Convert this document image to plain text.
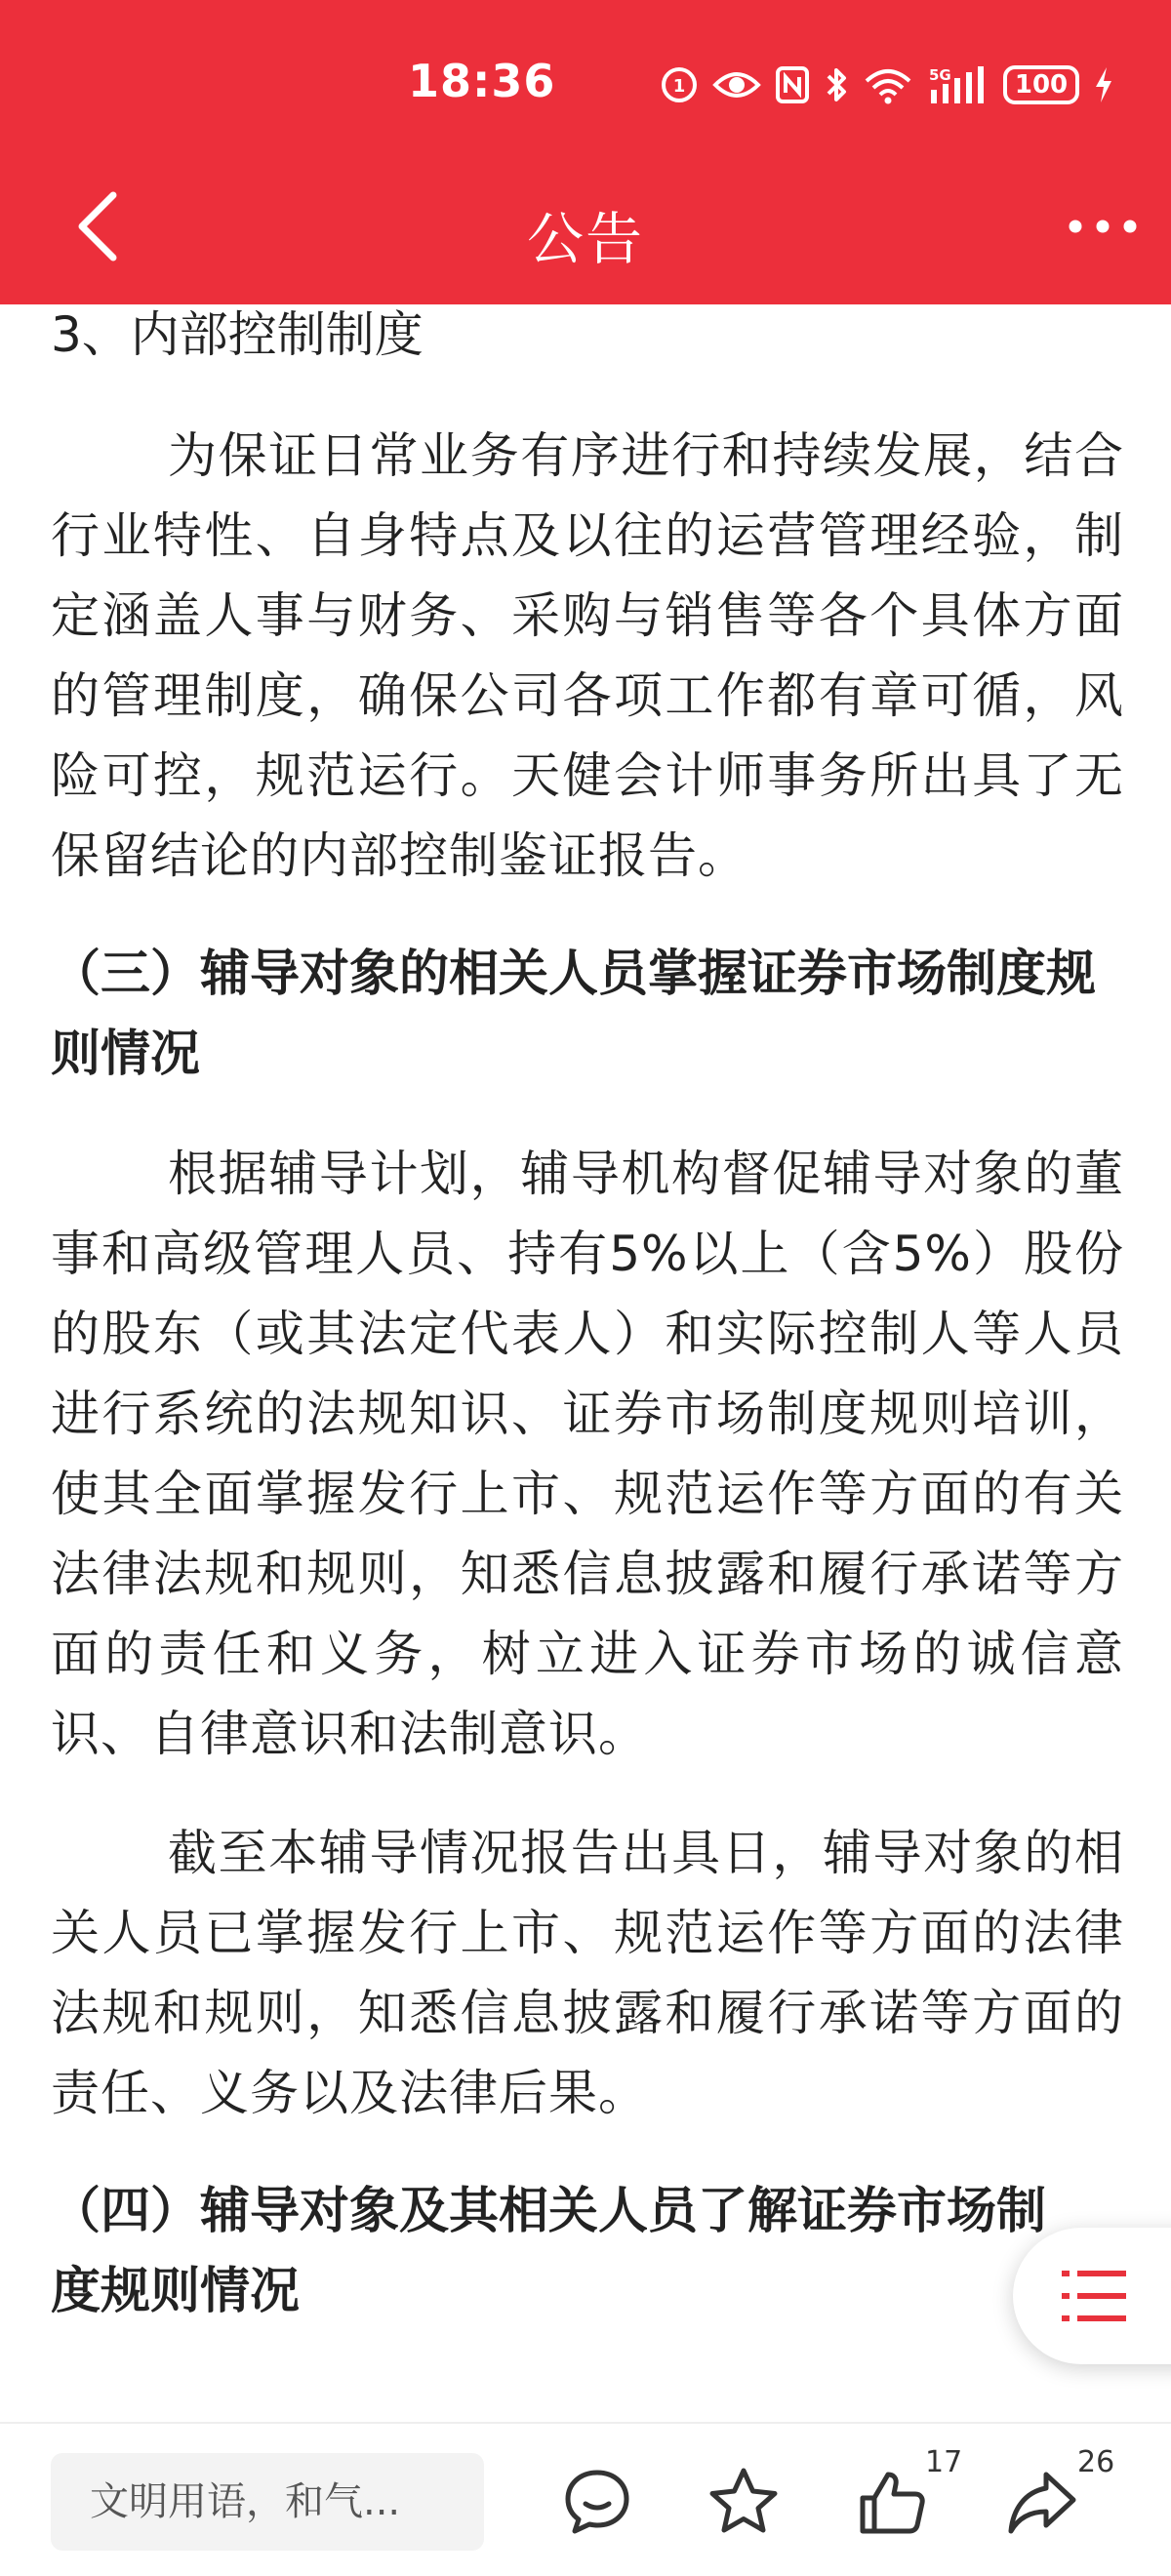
18:36	1
5G	100
公告

3、内部控制制度

为保证日常业务有序进行和持续发展，结合行业特性、自身特点及以往的运营管理经验，制定涵盖人事与财务、采购与销售等各个具体方面的管理制度，确保公司各项工作都有章可循，风险可控，规范运行。天健会计师事务所出具了无保留结论的内部控制鉴证报告。

（三）辅导对象的相关人员掌握证券市场制度规则情况

根据辅导计划，辅导机构督促辅导对象的董事和高级管理人员、持有5%以上（含5%）股份的股东（或其法定代表人）和实际控制人等人员进行系统的法规知识、证券市场制度规则培训，使其全面掌握发行上市、规范运作等方面的有关法律法规和规则，知悉信息披露和履行承诺等方面的责任和义务，树立进入证券市场的诚信意识、自律意识和法制意识。

截至本辅导情况报告出具日，辅导对象的相关人员已掌握发行上市、规范运作等方面的法律法规和规则，知悉信息披露和履行承诺等方面的责任、义务以及法律后果。

（四）辅导对象及其相关人员了解证券市场制度规则情况

文明用语，和气...
17	26
